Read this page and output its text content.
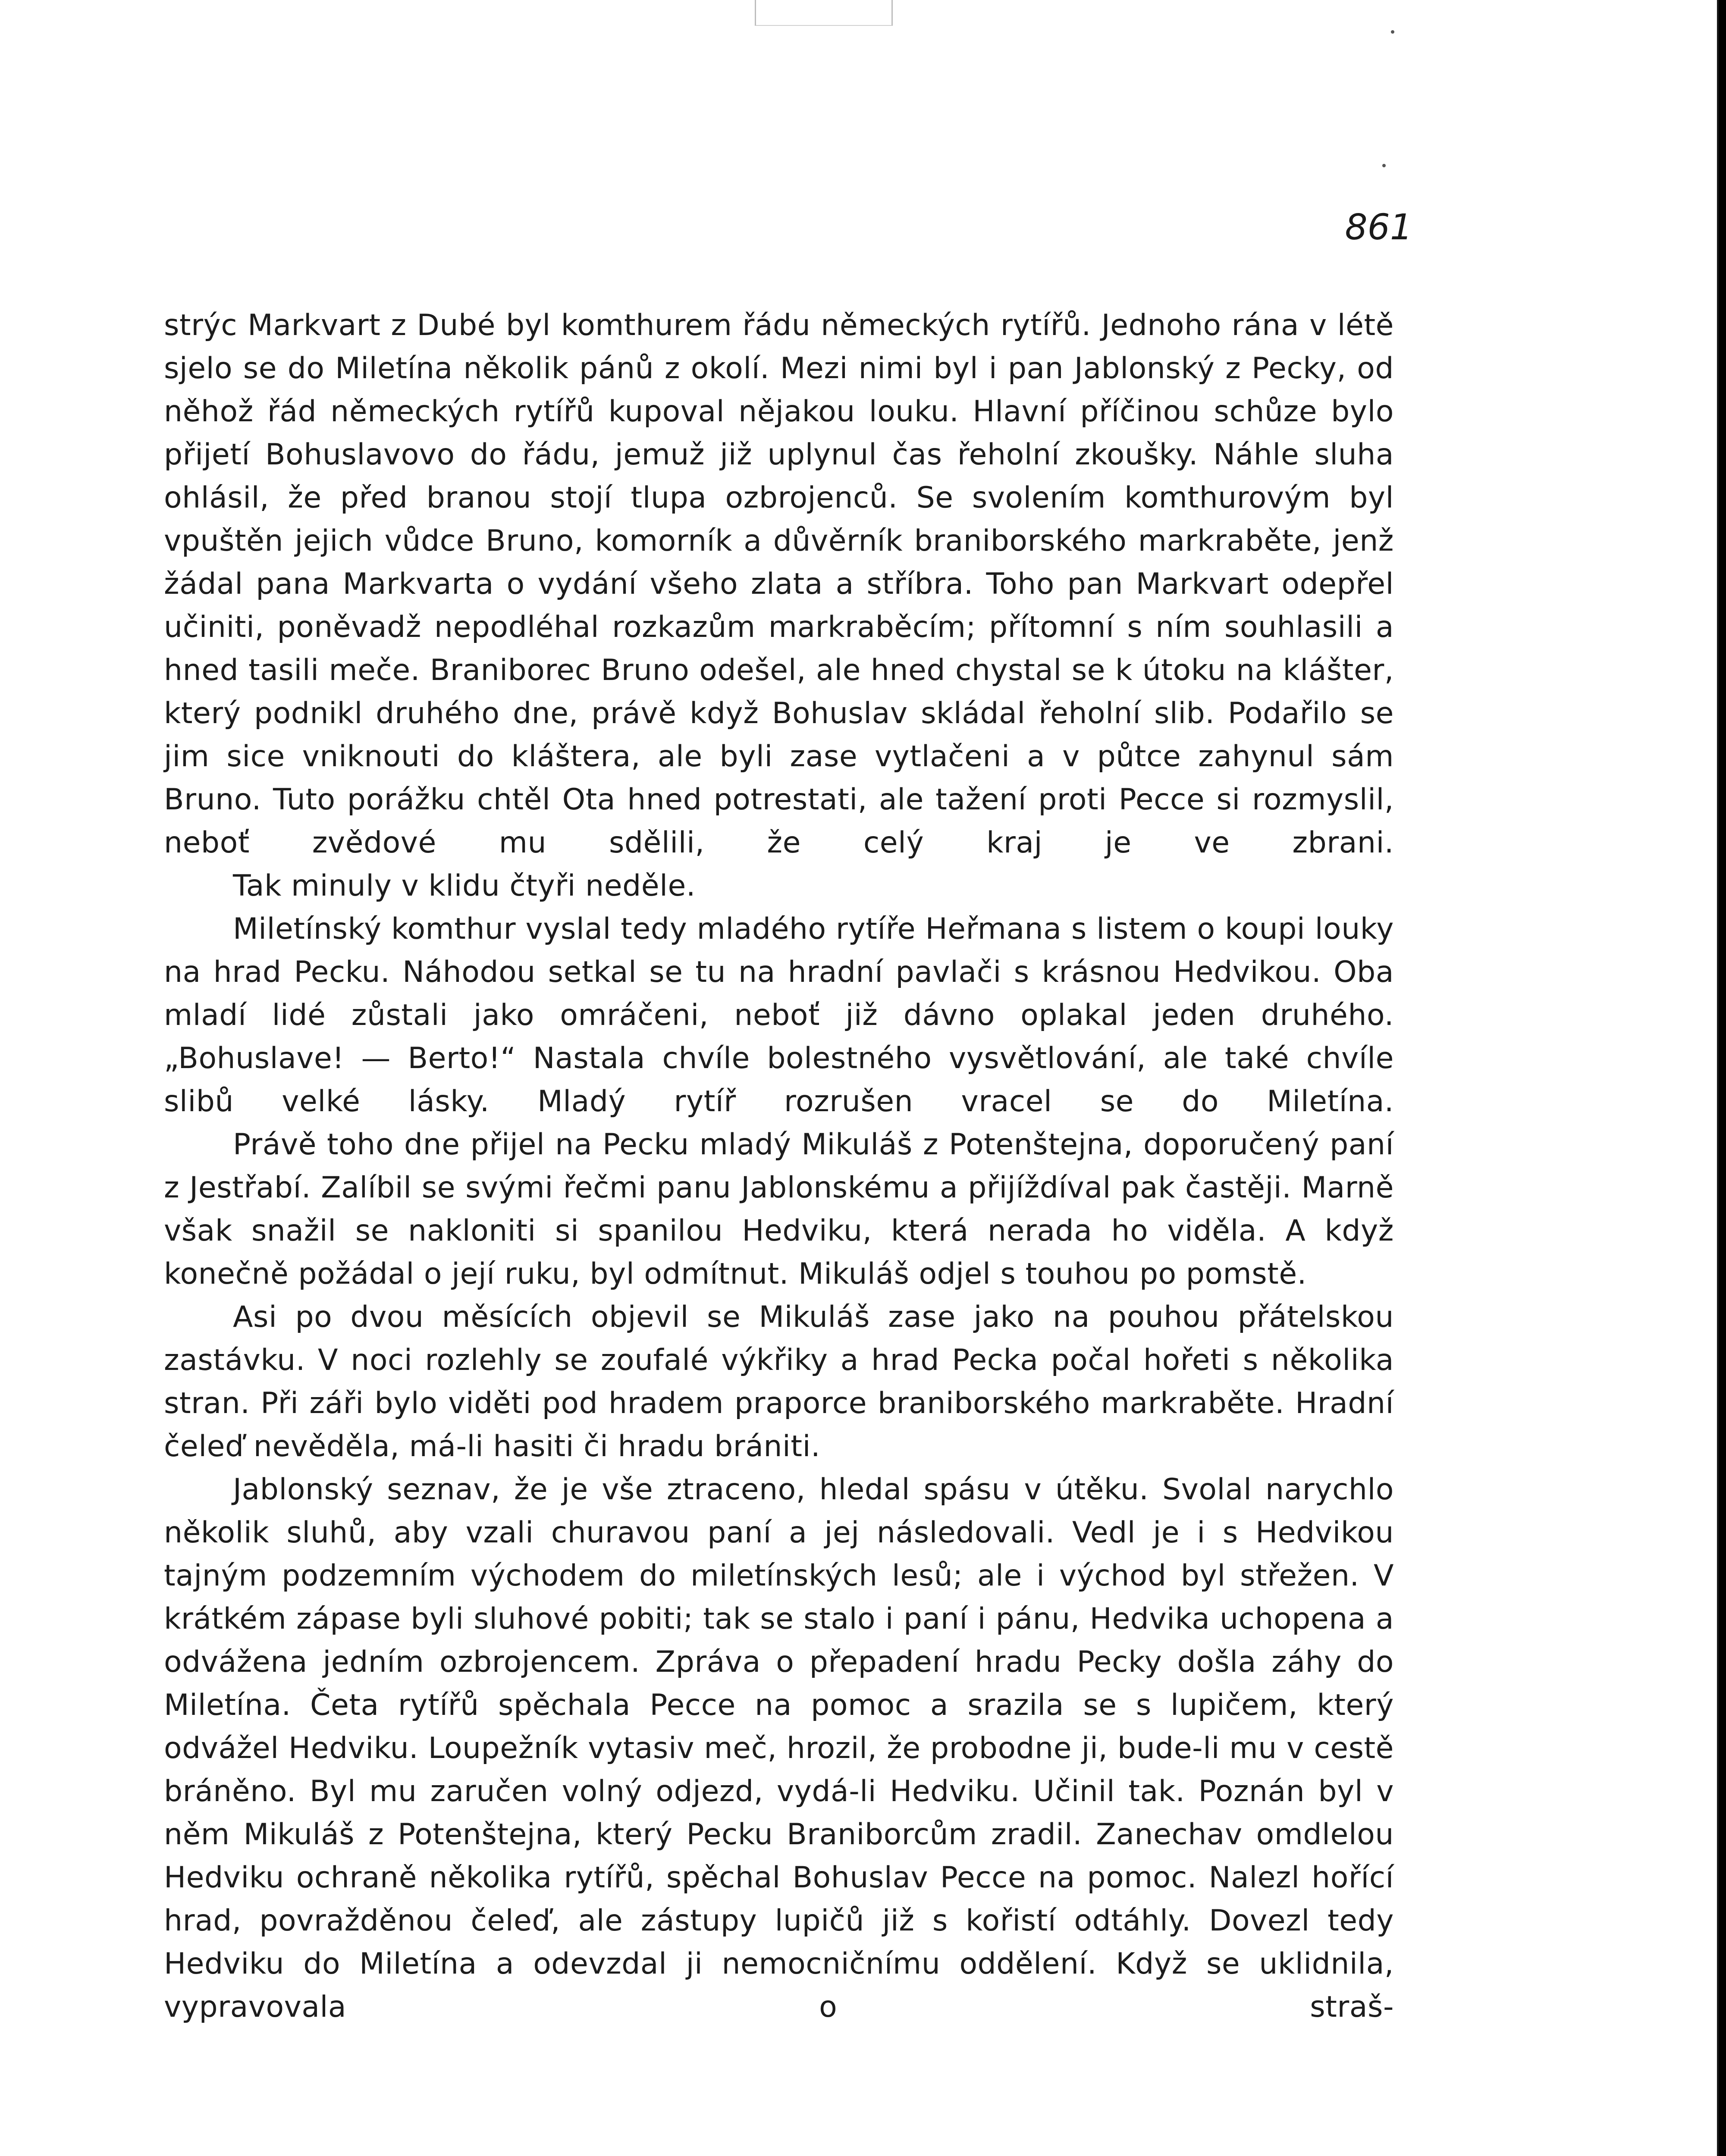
861

strýc Markvart z Dubé byl komthurem řádu německých rytířů. Jednoho rána v létě sjelo se do Miletína několik pánů z okolí. Mezi nimi byl i pan Jablonský z Pecky, od něhož řád německých rytířů kupoval nějakou louku. Hlavní příčinou schůze bylo přijetí Bohuslavovo do řádu, jemuž již uplynul čas řeholní zkoušky. Náhle sluha ohlásil, že před branou stojí tlupa ozbrojenců. Se svolením komthurovým byl vpuštěn jejich vůdce Bruno, komorník a důvěrník braniborského markraběte, jenž žádal pana Markvarta o vydání všeho zlata a stříbra. Toho pan Markvart odepřel učiniti, poněvadž nepodléhal rozkazům markraběcím; přítomní s ním souhlasili a hned tasili meče. Braniborec Bruno odešel, ale hned chystal se k útoku na klášter, který podnikl druhého dne, právě když Bohuslav skládal řeholní slib. Podařilo se jim sice vniknouti do kláštera, ale byli zase vytlačeni a v půtce zahynul sám Bruno. Tuto porážku chtěl Ota hned potrestati, ale tažení proti Pecce si rozmyslil, neboť zvědové mu sdělili, že celý kraj je ve zbrani.

Tak minuly v klidu čtyři neděle.

Miletínský komthur vyslal tedy mladého rytíře Heřmana s listem o koupi louky na hrad Pecku. Náhodou setkal se tu na hradní pavlači s krásnou Hedvikou. Oba mladí lidé zůstali jako omráčeni, neboť již dávno oplakal jeden druhého. „Bohuslave! — Berto!“ Nastala chvíle bolestného vysvětlování, ale také chvíle slibů velké lásky. Mladý rytíř rozrušen vracel se do Miletína.

Právě toho dne přijel na Pecku mladý Mikuláš z Potenštejna, doporučený paní z Jestřabí. Zalíbil se svými řečmi panu Jablonskému a přijíždíval pak častěji. Marně však snažil se nakloniti si spanilou Hedviku, která nerada ho viděla. A když konečně požádal o její ruku, byl odmítnut. Mikuláš odjel s touhou po pomstě.

Asi po dvou měsících objevil se Mikuláš zase jako na pouhou přátelskou zastávku. V noci rozlehly se zoufalé výkřiky a hrad Pecka počal hořeti s několika stran. Při záři bylo viděti pod hradem praporce braniborského markraběte. Hradní čeleď nevěděla, má-li hasiti či hradu brániti.

Jablonský seznav, že je vše ztraceno, hledal spásu v útěku. Svolal narychlo několik sluhů, aby vzali churavou paní a jej následovali. Vedl je i s Hedvikou tajným podzemním východem do miletínských lesů; ale i východ byl střežen. V krátkém zápase byli sluhové pobiti; tak se stalo i paní i pánu, Hedvika uchopena a odvážena jedním ozbrojencem. Zpráva o přepadení hradu Pecky došla záhy do Miletína. Četa rytířů spěchala Pecce na pomoc a srazila se s lupičem, který odvážel Hedviku. Loupežník vytasiv meč, hrozil, že probodne ji, bude-li mu v cestě bráněno. Byl mu zaručen volný odjezd, vydá-li Hedviku. Učinil tak. Poznán byl v něm Mikuláš z Potenštejna, který Pecku Braniborcům zradil. Zanechav omdlelou Hedviku ochraně několika rytířů, spěchal Bohuslav Pecce na pomoc. Nalezl hořící hrad, povražděnou čeleď, ale zástupy lupičů již s kořistí odtáhly. Dovezl tedy Hedviku do Miletína a odevzdal ji nemocničnímu oddělení. Když se uklidnila, vypravovala o straš-
